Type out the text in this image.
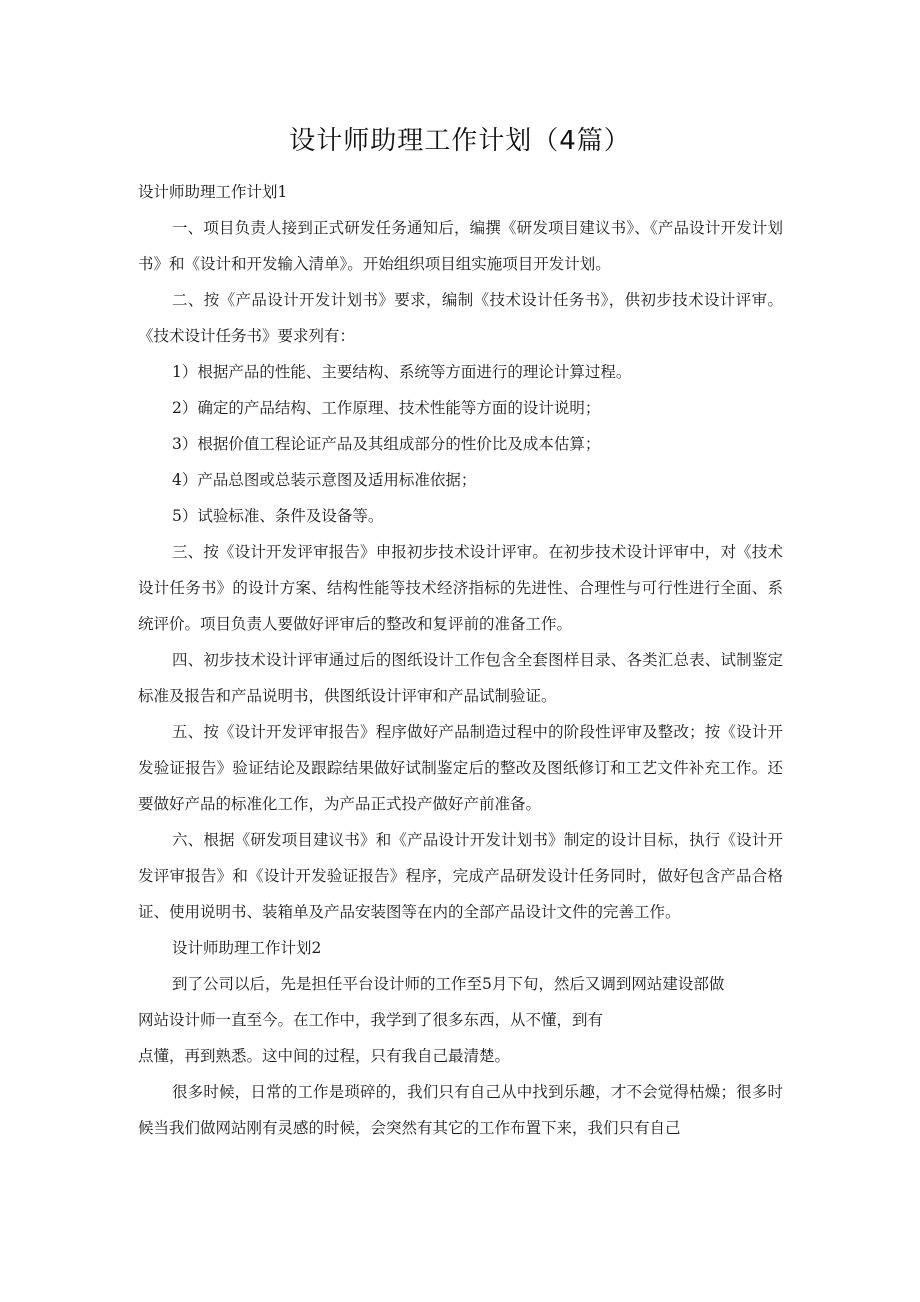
设计师助理工作计划（4篇）

设计师助理工作计划1

一、项目负责人接到正式研发任务通知后，编撰《研发项目建议书》、《产品设计开发计划书》和《设计和开发输入清单》。开始组织项目组实施项目开发计划。

二、按《产品设计开发计划书》要求，编制《技术设计任务书》，供初步技术设计评审。《技术设计任务书》要求列有：

1）根据产品的性能、主要结构、系统等方面进行的理论计算过程。

2）确定的产品结构、工作原理、技术性能等方面的设计说明；

3）根据价值工程论证产品及其组成部分的性价比及成本估算；

4）产品总图或总装示意图及适用标准依据；

5）试验标准、条件及设备等。

三、按《设计开发评审报告》申报初步技术设计评审。在初步技术设计评审中，对《技术设计任务书》的设计方案、结构性能等技术经济指标的先进性、合理性与可行性进行全面、系统评价。项目负责人要做好评审后的整改和复评前的准备工作。

四、初步技术设计评审通过后的图纸设计工作包含全套图样目录、各类汇总表、试制鉴定标准及报告和产品说明书，供图纸设计评审和产品试制验证。

五、按《设计开发评审报告》程序做好产品制造过程中的阶段性评审及整改；按《设计开发验证报告》验证结论及跟踪结果做好试制鉴定后的整改及图纸修订和工艺文件补充工作。还要做好产品的标准化工作，为产品正式投产做好产前准备。

六、根据《研发项目建议书》和《产品设计开发计划书》制定的设计目标，执行《设计开发评审报告》和《设计开发验证报告》程序，完成产品研发设计任务同时，做好包含产品合格证、使用说明书、装箱单及产品安装图等在内的全部产品设计文件的完善工作。

设计师助理工作计划2

到了公司以后，先是担任平台设计师的工作至5月下旬，然后又调到网站建设部做

网站设计师一直至今。在工作中，我学到了很多东西，从不懂，到有

点懂，再到熟悉。这中间的过程，只有我自己最清楚。

很多时候，日常的工作是琐碎的，我们只有自己从中找到乐趣，才不会觉得枯燥；很多时候当我们做网站刚有灵感的时候，会突然有其它的工作布置下来，我们只有自己
